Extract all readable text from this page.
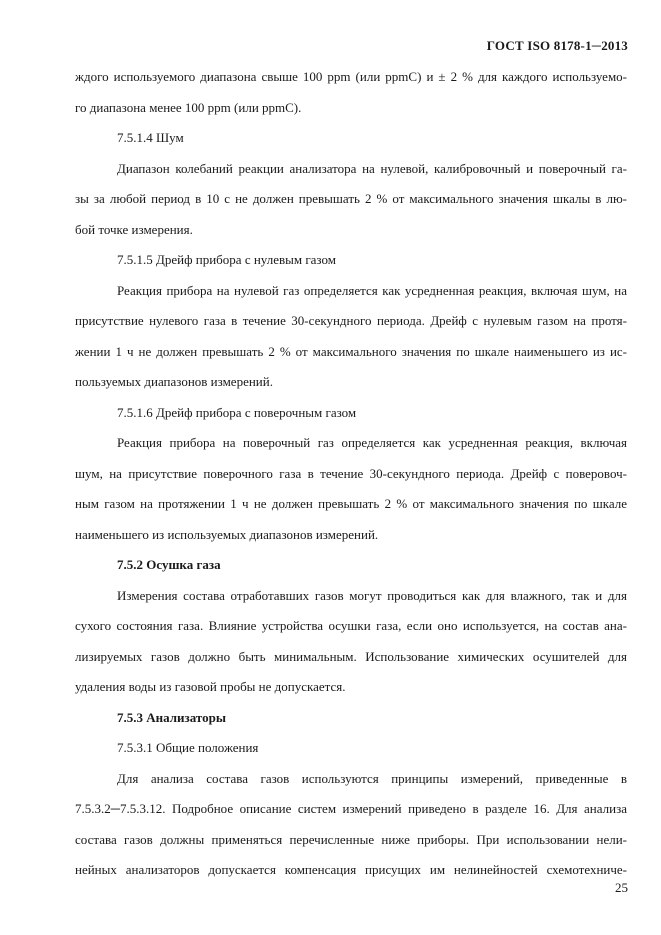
ГОСТ ISO 8178-1─2013

ждого используемого диапазона свыше 100 ppm (или ppmC) и ± 2 % для каждого используемо-

го диапазона менее 100 ppm (или ppmC).

7.5.1.4 Шум

Диапазон колебаний реакции анализатора на нулевой, калибровочный и поверочный га-

зы за любой период в 10 с не должен превышать 2 % от максимального значения шкалы в лю-

бой точке измерения.

7.5.1.5 Дрейф прибора с нулевым газом

Реакция прибора на нулевой газ определяется как усредненная реакция, включая шум, на

присутствие нулевого газа в течение 30-секундного периода. Дрейф с нулевым газом на протя-

жении 1 ч не должен превышать 2 % от максимального значения по шкале наименьшего из ис-

пользуемых диапазонов измерений.

7.5.1.6 Дрейф прибора с поверочным газом

Реакция прибора на поверочный газ определяется как усредненная реакция, включая

шум, на присутствие поверочного газа в течение 30-секундного периода. Дрейф с поверовоч-

ным газом на протяжении 1 ч не должен превышать 2 % от максимального значения по шкале

наименьшего из используемых диапазонов измерений.

7.5.2 Осушка газа

Измерения состава отработавших газов могут проводиться как для влажного, так и для

сухого состояния газа. Влияние устройства осушки газа, если оно используется, на состав ана-

лизируемых газов должно быть минимальным. Использование химических осушителей для

удаления воды из газовой пробы не допускается.

7.5.3 Анализаторы

7.5.3.1 Общие положения

Для анализа состава газов используются принципы измерений, приведенные в

7.5.3.2─7.5.3.12. Подробное описание систем измерений приведено в разделе 16. Для анализа

состава газов должны применяться перечисленные ниже приборы. При использовании нели-

нейных анализаторов допускается компенсация присущих им нелинейностей схемотехниче-

25
